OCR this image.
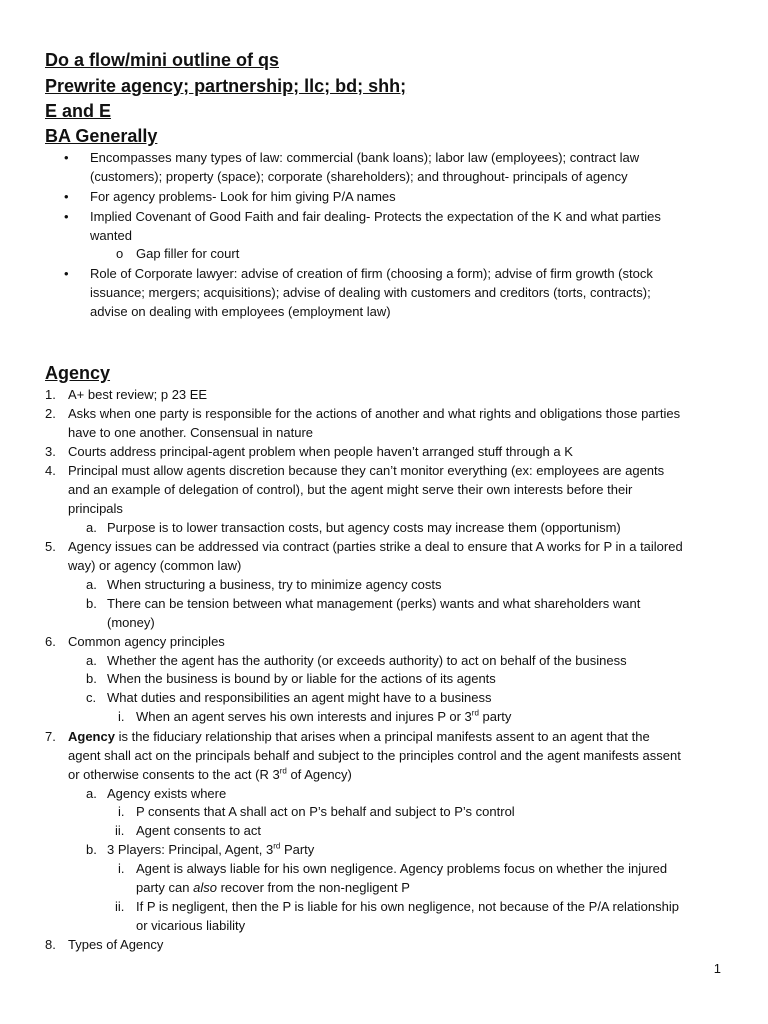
Do a flow/mini outline of qs
Prewrite agency; partnership; llc; bd; shh;
E and E
BA Generally
• Encompasses many types of law: commercial (bank loans); labor law (employees); contract law

(customers); property (space); corporate (shareholders); and throughout- principals of agency

• For agency problems- Look for him giving P/A names

• Implied Covenant of Good Faith and fair dealing- Protects the expectation of the K and what parties

wanted

o Gap filler for court

• Role of Corporate lawyer: advise of creation of firm (choosing a form); advise of firm growth (stock

issuance; mergers; acquisitions); advise of dealing with customers and creditors (torts, contracts);

advise on dealing with employees (employment law)

Agency
1. A+ best review; p 23 EE

2. Asks when one party is responsible for the actions of another and what rights and obligations those parties

have to one another. Consensual in nature

3. Courts address principal-agent problem when people haven’t arranged stuff through a K

4. Principal must allow agents discretion because they can’t monitor everything (ex: employees are agents

and an example of delegation of control), but the agent might serve their own interests before their

principals

a. Purpose is to lower transaction costs, but agency costs may increase them (opportunism)

5. Agency issues can be addressed via contract (parties strike a deal to ensure that A works for P in a tailored

way) or agency (common law)

a. When structuring a business, try to minimize agency costs

b. There can be tension between what management (perks) wants and what shareholders want

(money)

6. Common agency principles

a. Whether the agent has the authority (or exceeds authority) to act on behalf of the business

b. When the business is bound by or liable for the actions of its agents

c. What duties and responsibilities an agent might have to a business

i. When an agent serves his own interests and injures P or 3rd party

7. Agency is the fiduciary relationship that arises when a principal manifests assent to an agent that the

agent shall act on the principals behalf and subject to the principles control and the agent manifests assent

or otherwise consents to the act (R 3rd of Agency)

a. Agency exists where

i. P consents that A shall act on P’s behalf and subject to P’s control

ii. Agent consents to act

b. 3 Players: Principal, Agent, 3rd Party

i. Agent is always liable for his own negligence. Agency problems focus on whether the injured

party can also recover from the non-negligent P

ii. If P is negligent, then the P is liable for his own negligence, not because of the P/A relationship

or vicarious liability

8. Types of Agency

1
